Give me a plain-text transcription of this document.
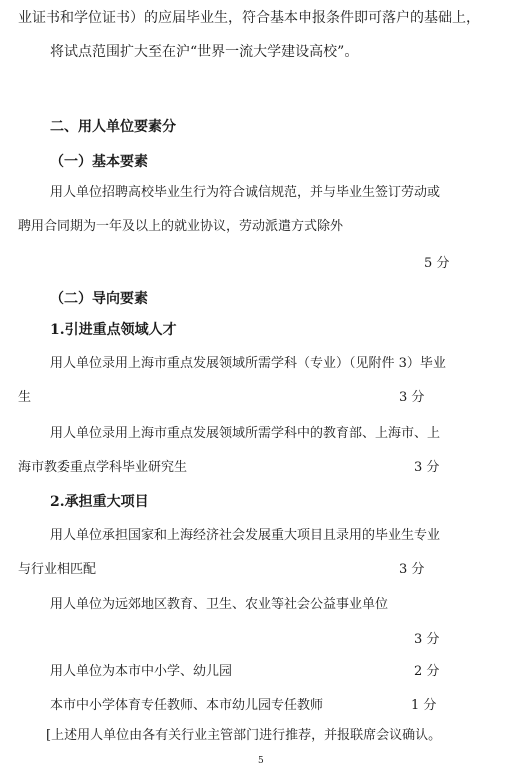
业证书和学位证书）的应届毕业生，符合基本申报条件即可落户的基础上，
将试点范围扩大至在沪“世界一流大学建设高校”。
二、用人单位要素分
（一）基本要素
用人单位招聘高校毕业生行为符合诚信规范，并与毕业生签订劳动或
聘用合同期为一年及以上的就业协议，劳动派遣方式除外
5 分
（二）导向要素
1.引进重点领域人才
用人单位录用上海市重点发展领域所需学科（专业）（见附件 3）毕业
生	3 分
用人单位录用上海市重点发展领域所需学科中的教育部、上海市、上
海市教委重点学科毕业研究生	3 分
2.承担重大项目
用人单位承担国家和上海经济社会发展重大项目且录用的毕业生专业
与行业相匹配	3 分
用人单位为远郊地区教育、卫生、农业等社会公益事业单位
3 分
用人单位为本市中小学、幼儿园	2 分
本市中小学体育专任教师、本市幼儿园专任教师	1 分
[上述用人单位由各有关行业主管部门进行推荐，并报联席会议确认。
5
